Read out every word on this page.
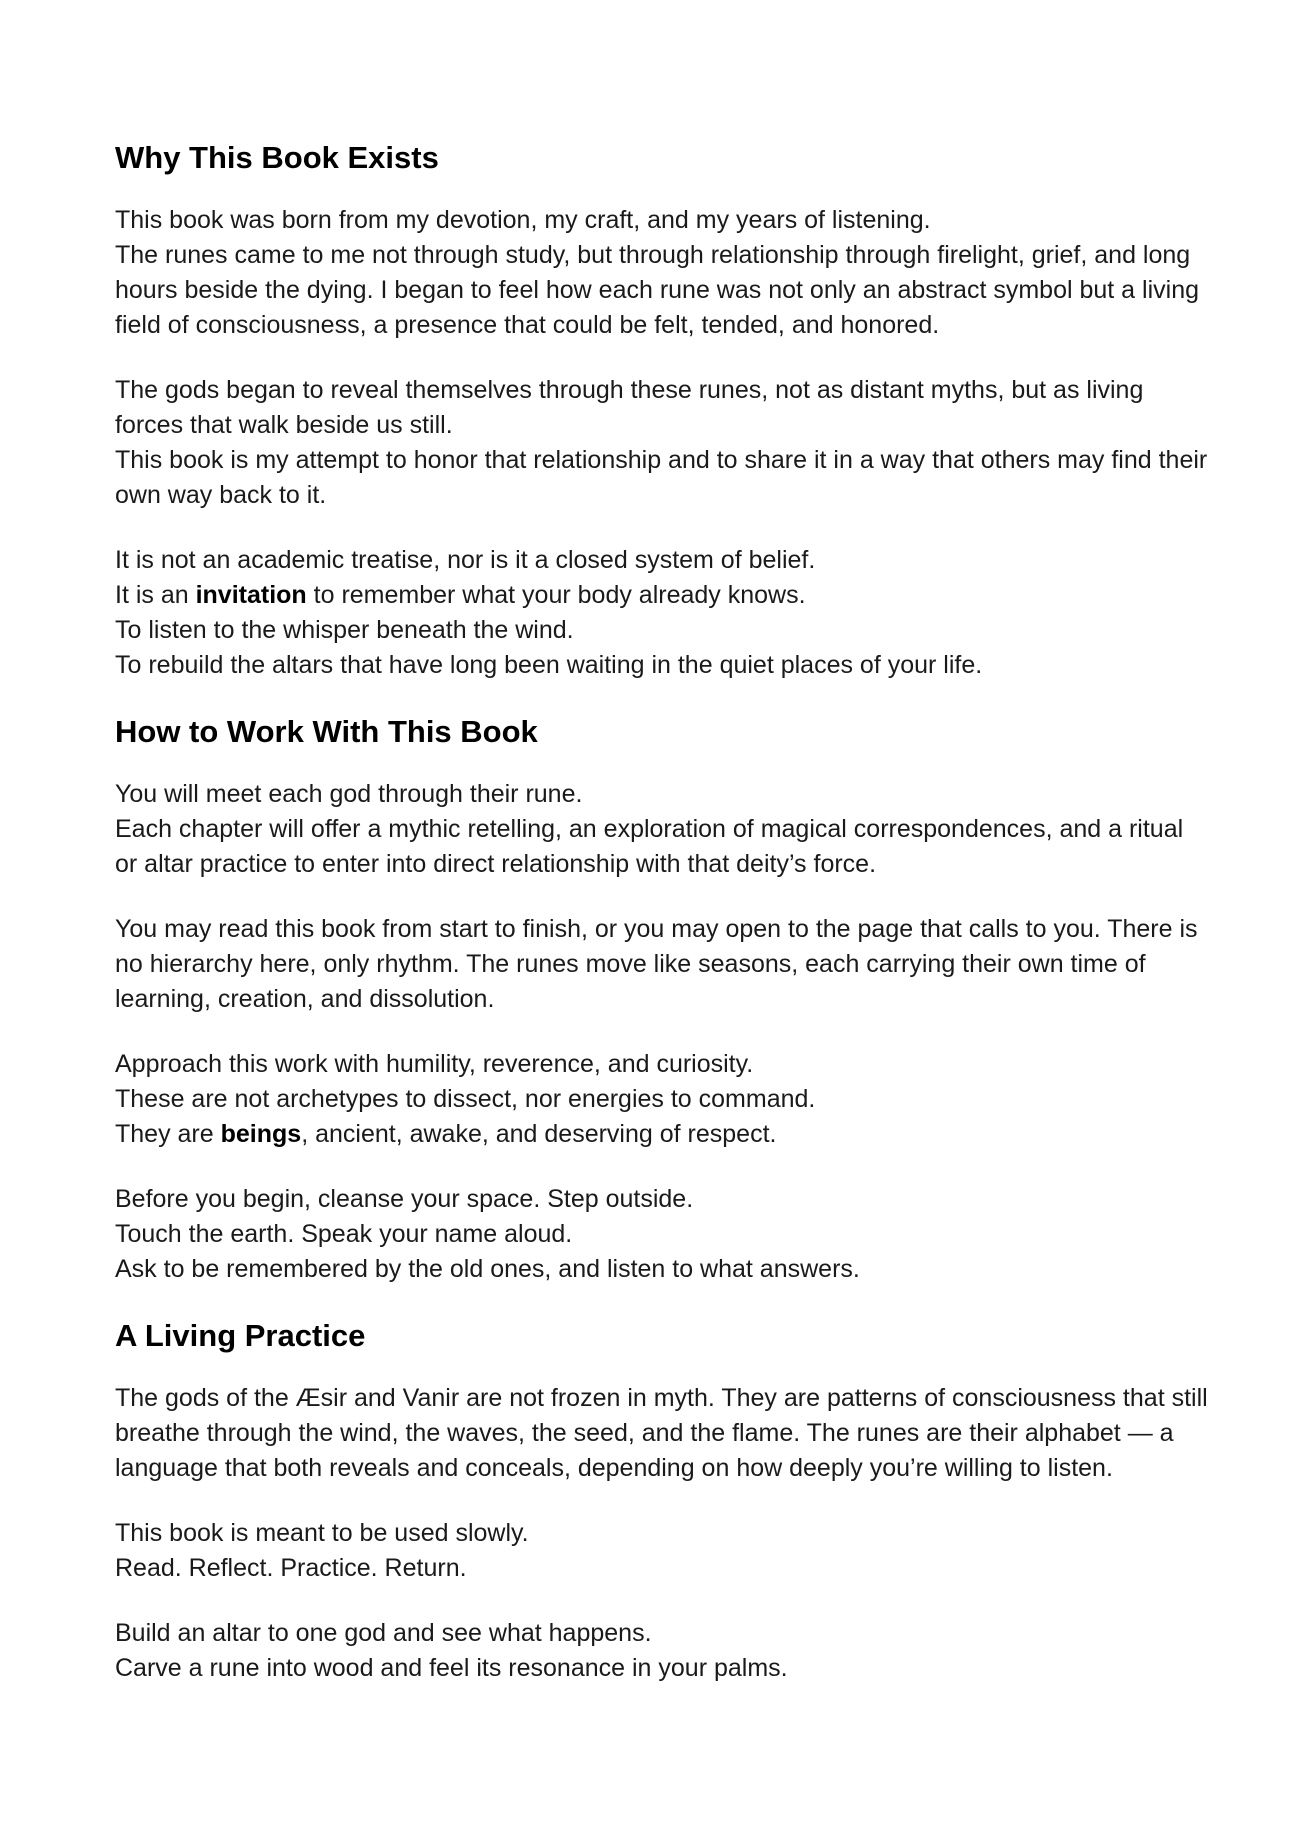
Why This Book Exists

This book was born from my devotion, my craft, and my years of listening.
The runes came to me not through study, but through relationship through firelight, grief, and long hours beside the dying. I began to feel how each rune was not only an abstract symbol but a living field of consciousness, a presence that could be felt, tended, and honored.

The gods began to reveal themselves through these runes, not as distant myths, but as living forces that walk beside us still.
This book is my attempt to honor that relationship and to share it in a way that others may find their own way back to it.

It is not an academic treatise, nor is it a closed system of belief.
It is an invitation to remember what your body already knows.
To listen to the whisper beneath the wind.
To rebuild the altars that have long been waiting in the quiet places of your life.

How to Work With This Book

You will meet each god through their rune.
Each chapter will offer a mythic retelling, an exploration of magical correspondences, and a ritual or altar practice to enter into direct relationship with that deity’s force.

You may read this book from start to finish, or you may open to the page that calls to you. There is no hierarchy here, only rhythm. The runes move like seasons, each carrying their own time of learning, creation, and dissolution.

Approach this work with humility, reverence, and curiosity.
These are not archetypes to dissect, nor energies to command.
They are beings, ancient, awake, and deserving of respect.

Before you begin, cleanse your space. Step outside.
Touch the earth. Speak your name aloud.
Ask to be remembered by the old ones, and listen to what answers.

A Living Practice

The gods of the Æsir and Vanir are not frozen in myth. They are patterns of consciousness that still breathe through the wind, the waves, the seed, and the flame. The runes are their alphabet — a language that both reveals and conceals, depending on how deeply you’re willing to listen.

This book is meant to be used slowly.
Read. Reflect. Practice. Return.

Build an altar to one god and see what happens.
Carve a rune into wood and feel its resonance in your palms.
